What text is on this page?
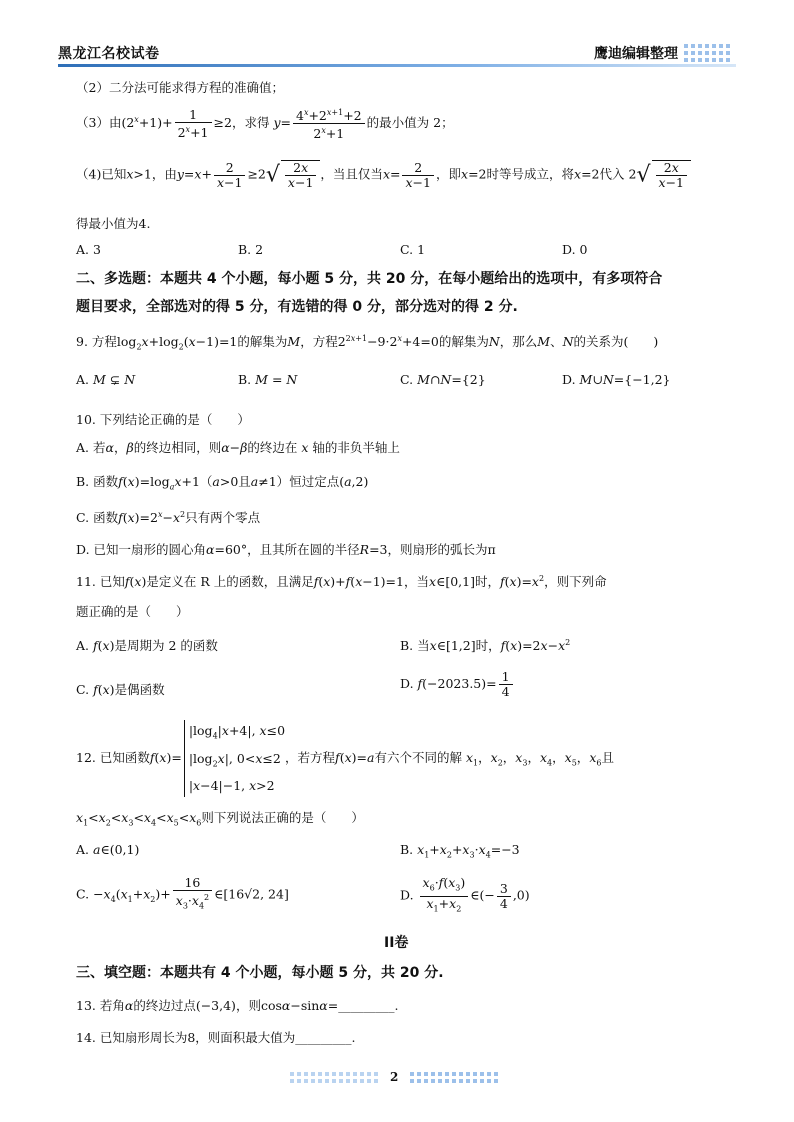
黑龙江名校试卷	鹰迪编辑整理
（2）二分法可能求得方程的准确值；
（3）由$(2^x+1)+ \frac{1}{2^x+1} \ge 2$，求得 $y= \frac{4^x+2^{x+1}+2}{2^x+1}$ 的最小值为 2；
（4)已知x>1，由$y=x+ \frac{2}{x-1} \ge 2√ \frac{2x}{x-1}$ ，当且仅当$x= \frac{2}{x-1}$ ，即x=2时等号成立，将x=2代入 $2√ \frac{2x}{x-1}$
得最小值为4.
A. 3	B. 2	C. 1	D. 0
二、多选题：本题共 4 个小题，每小题 5 分，共 20 分，在每小题给出的选项中，有多项符合
题目要求，全部选对的得 5 分，有选错的得 0 分，部分选对的得 2 分.
9. 方程$\log_2x+\log_2(x-1)=1$的解集为M，方程$2^{2x+1}-9\cdot 2^x+4=0$的解集为N，那么M、N的关系为(　　)
A. M ⊊ N	B. M = N	C. M∩N={2}	D. M∪N={−1,2}
10. 下列结论正确的是（　　）
A. 若α，β的终边相同，则α−β的终边在 x 轴的非负半轴上
B. 函数$f(x)=\log_ax+1(a>0$且a≠1）恒过定点(a,2)
C. 函数$f(x)=2^x-x^2$只有两个零点
D. 已知一扇形的圆心角α=60°，且其所在圆的半径R=3，则扇形的弧长为π
11. 已知f(x)是定义在 R 上的函数，且满足f(x)+f(x−1)=1，当x∈[0,1]时，$f(x)=x^2$，则下列命
题正确的是（　　）
A. f(x)是周期为 2 的函数	B. 当x∈[1,2]时，$f(x)=2x-x^2$
C. f(x)是偶函数	D. $f(-2023.5)= \frac{1}{4}$
12. 已知函数$f(x)=|\log_4|x+4|$, x≤0
$|\log_2x|$, 0<x≤2
|x−4|−1, x>2，若方程f(x)=a有六个不同的解 $x_1$，$x_2$，$x_3$，$x_4$，$x_5$，$x_6$且
$x_1<x_2<x_3<x_4<x_5<x_6$则下列说法正确的是（　　）
A. a∈(0,1)	B. $x_1+x_2+x_3\cdot x_4=-3$
C. $-x_4(x_1+x_2)+ \frac{16}{x_3\cdot x_4^2}$ ∈[16√2, 24]	D. $\frac{x_6\cdot f(x_3)}{x_1+x_2}$ ∈(− $\frac{3}{4} ,0$)
II卷
三、填空题：本题共有 4 个小题，每小题 5 分，共 20 分.
13. 若角α的终边过点(−3,4)，则cosα−sinα=_________.
14. 已知扇形周长为8，则面积最大值为_________.
2
